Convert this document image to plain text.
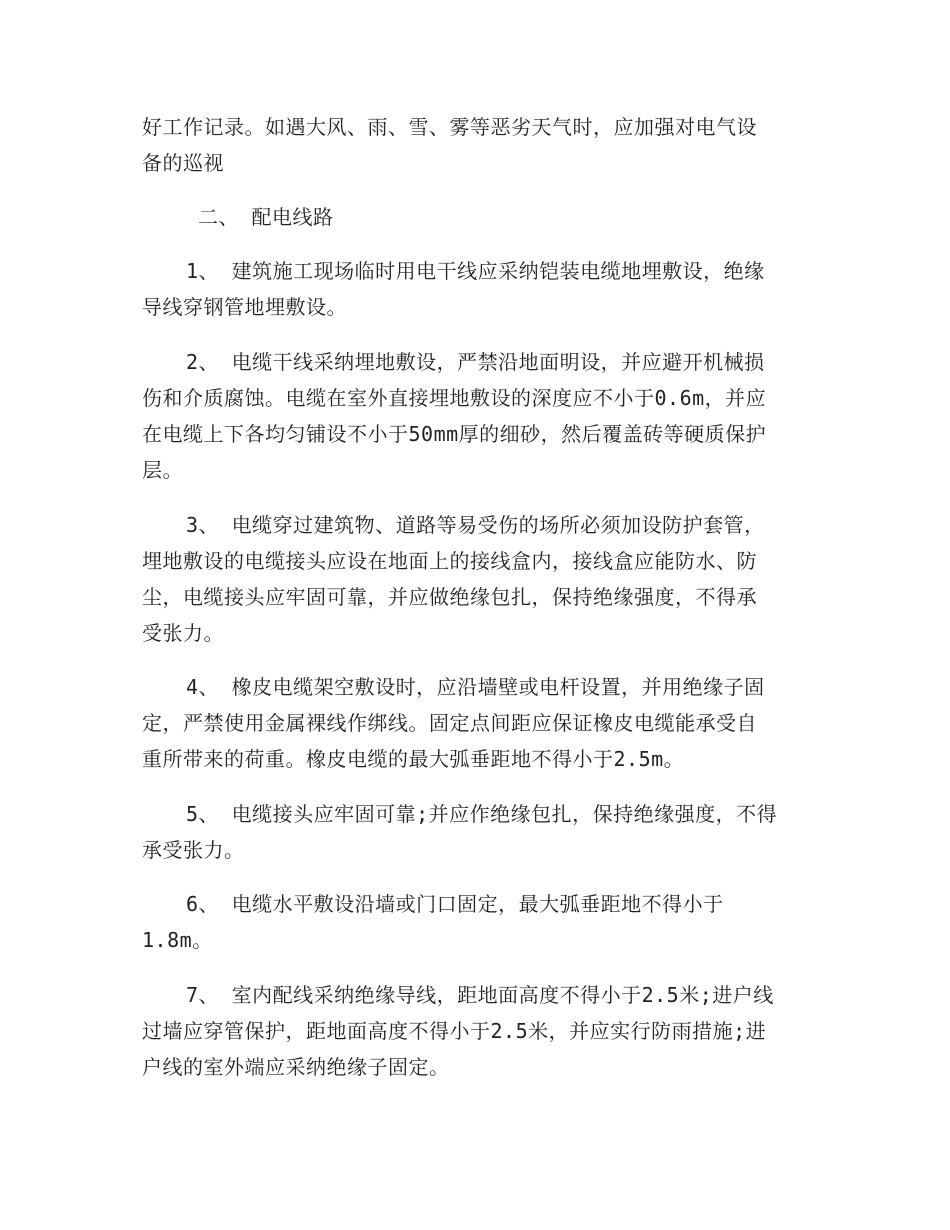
好工作记录。如遇大风、雨、雪、雾等恶劣天气时，应加强对电气设

备的巡视

二、 配电线路

1、 建筑施工现场临时用电干线应采纳铠装电缆地埋敷设，绝缘

导线穿钢管地埋敷设。

2、 电缆干线采纳埋地敷设，严禁沿地面明设，并应避开机械损

伤和介质腐蚀。电缆在室外直接埋地敷设的深度应不小于0.6m，并应

在电缆上下各均匀铺设不小于50mm厚的细砂，然后覆盖砖等硬质保护

层。

3、 电缆穿过建筑物、道路等易受伤的场所必须加设防护套管，

埋地敷设的电缆接头应设在地面上的接线盒内，接线盒应能防水、防

尘，电缆接头应牢固可靠，并应做绝缘包扎，保持绝缘强度，不得承

受张力。

4、 橡皮电缆架空敷设时，应沿墙壁或电杆设置，并用绝缘子固

定，严禁使用金属裸线作绑线。固定点间距应保证橡皮电缆能承受自

重所带来的荷重。橡皮电缆的最大弧垂距地不得小于2.5m。

5、 电缆接头应牢固可靠;并应作绝缘包扎，保持绝缘强度，不得

承受张力。

6、 电缆水平敷设沿墙或门口固定，最大弧垂距地不得小于

1.8m。

7、 室内配线采纳绝缘导线，距地面高度不得小于2.5米;进户线

过墙应穿管保护，距地面高度不得小于2.5米，并应实行防雨措施;进

户线的室外端应采纳绝缘子固定。
